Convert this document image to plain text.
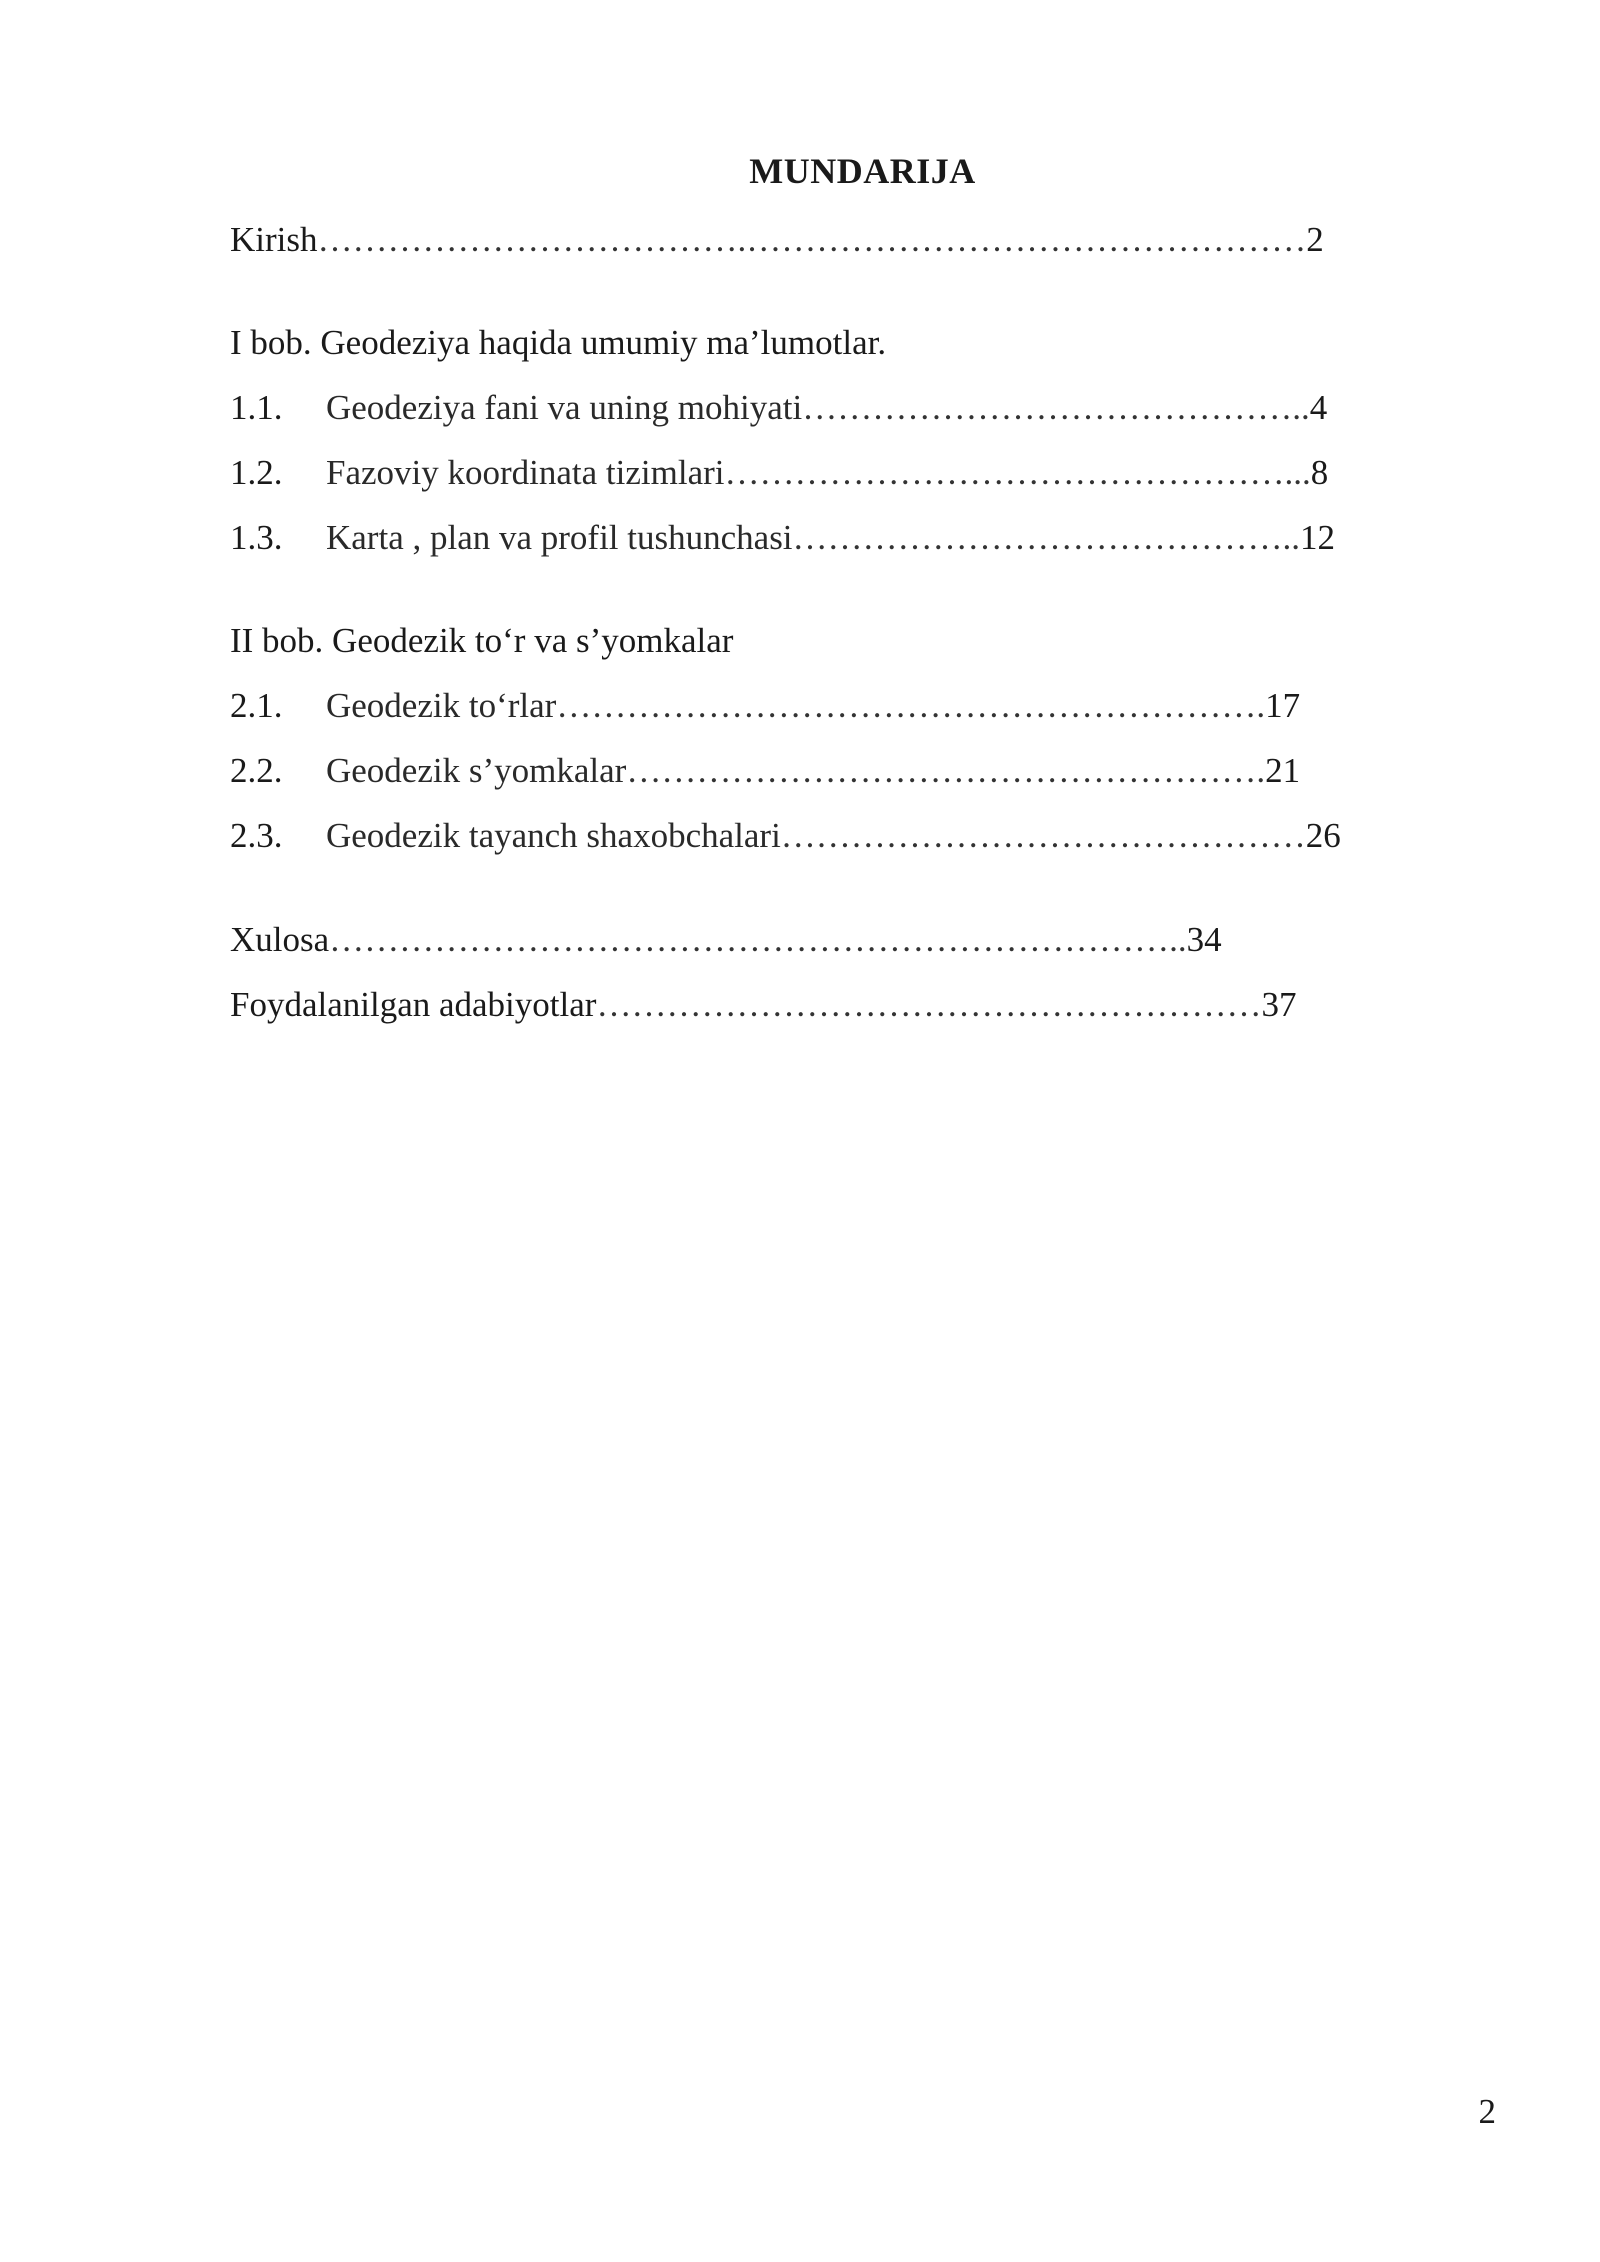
MUNDARIJA
Kirish……………………………….…………………………………………2
I bob. Geodeziya haqida umumiy ma’lumotlar.
1.1. Geodeziya fani va uning mohiyati……………………………………..4
1.2. Fazoviy koordinata tizimlari…………………………………………...8
1.3. Karta , plan va profil tushunchasi……………………………………..12
II bob. Geodezik to‘r va s’yomkalar
2.1. Geodezik to‘rlar…………………………………………………….17
2.2. Geodezik s’yomkalar……………………………………………….21
2.3. Geodezik tayanch shaxobchalari………………………………………26
Xulosa………………………………………………………………..34
Foydalanilgan adabiyotlar…………………………………………………37
2
